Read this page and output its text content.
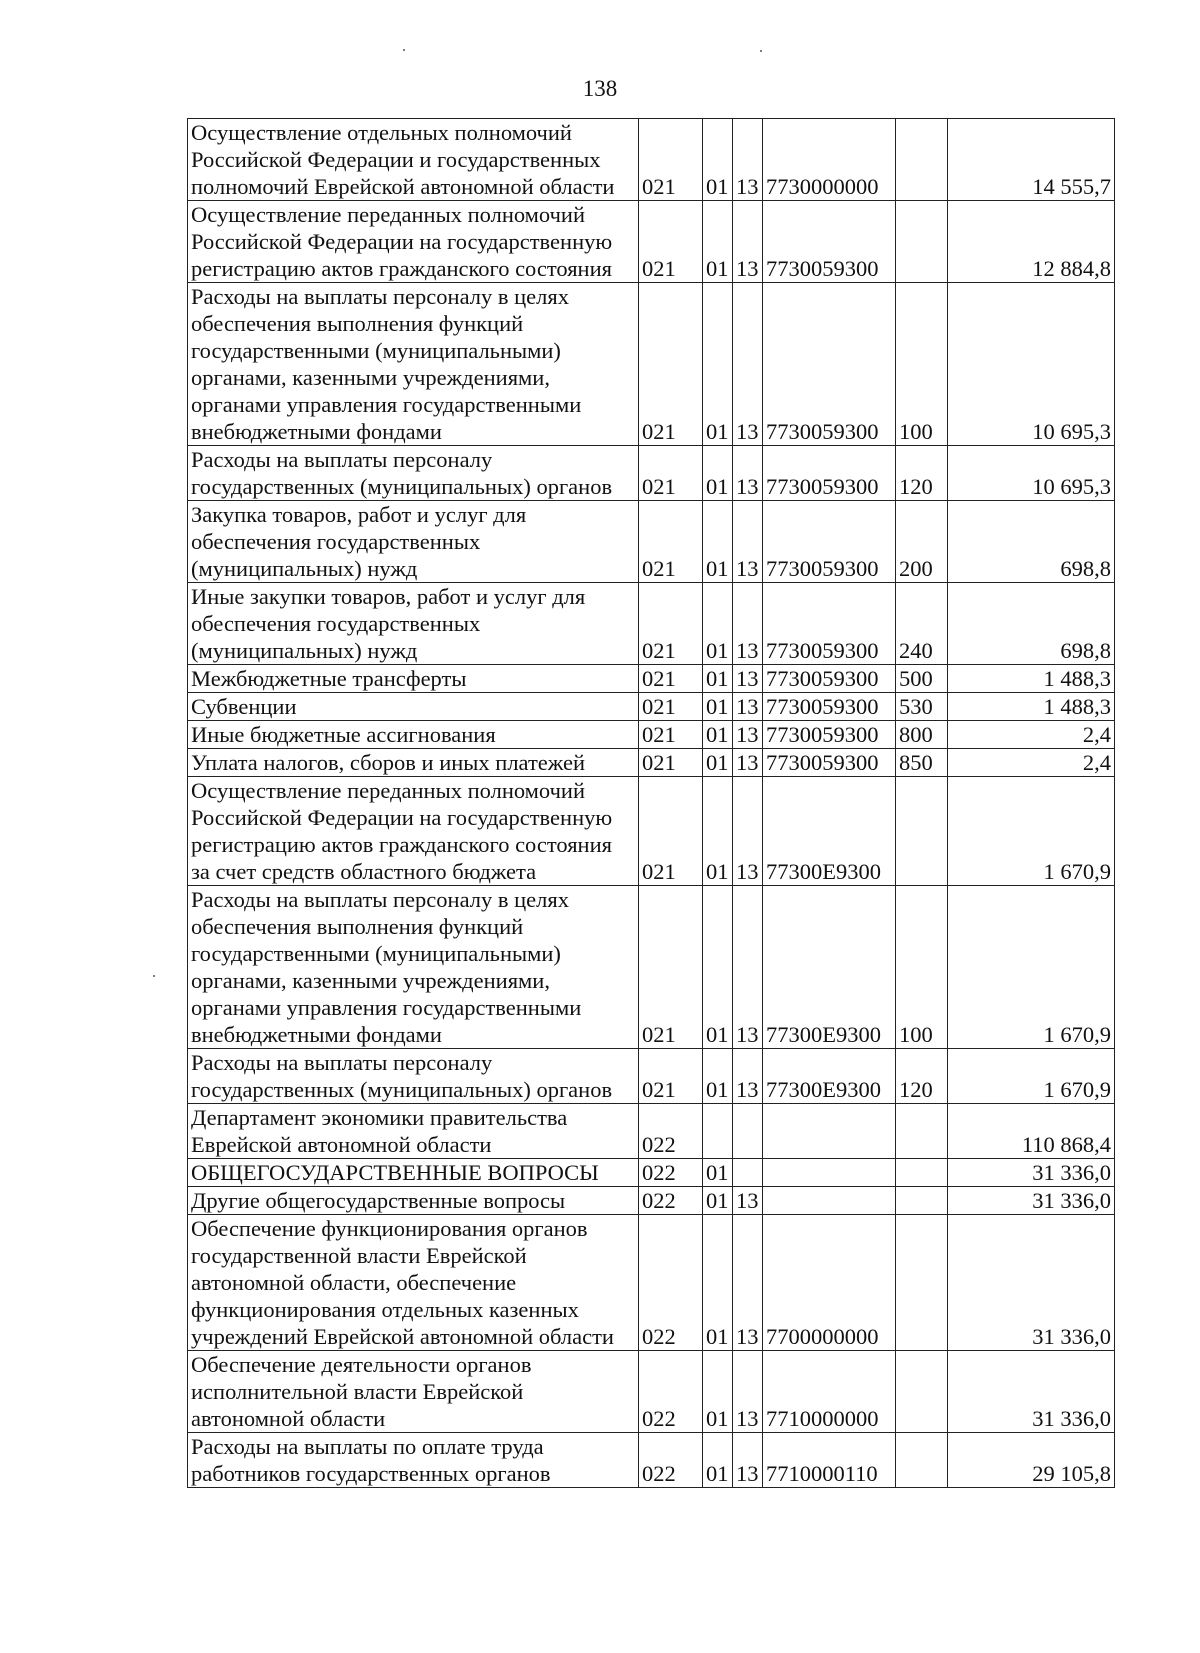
138
Осуществление отдельных полномочий Российской Федерации и государственных полномочий Еврейской автономной области	021	01	13	7730000000		14 555,7
Осуществление переданных полномочий Российской Федерации на государственную регистрацию актов гражданского состояния	021	01	13	7730059300		12 884,8
Расходы на выплаты персоналу в целях обеспечения выполнения функций государственными (муниципальными) органами, казенными учреждениями, органами управления государственными внебюджетными фондами	021	01	13	7730059300	100	10 695,3
Расходы на выплаты персоналу государственных (муниципальных) органов	021	01	13	7730059300	120	10 695,3
Закупка товаров, работ и услуг для обеспечения государственных (муниципальных) нужд	021	01	13	7730059300	200	698,8
Иные закупки товаров, работ и услуг для обеспечения государственных (муниципальных) нужд	021	01	13	7730059300	240	698,8
Межбюджетные трансферты	021	01	13	7730059300	500	1 488,3
Субвенции	021	01	13	7730059300	530	1 488,3
Иные бюджетные ассигнования	021	01	13	7730059300	800	2,4
Уплата налогов, сборов и иных платежей	021	01	13	7730059300	850	2,4
Осуществление переданных полномочий Российской Федерации на государственную регистрацию актов гражданского состояния за счет средств областного бюджета	021	01	13	77300Е9300		1 670,9
Расходы на выплаты персоналу в целях обеспечения выполнения функций государственными (муниципальными) органами, казенными учреждениями, органами управления государственными внебюджетными фондами	021	01	13	77300Е9300	100	1 670,9
Расходы на выплаты персоналу государственных (муниципальных) органов	021	01	13	77300Е9300	120	1 670,9
Департамент экономики правительства Еврейской автономной области	022					110 868,4
ОБЩЕГОСУДАРСТВЕННЫЕ ВОПРОСЫ	022	01				31 336,0
Другие общегосударственные вопросы	022	01	13			31 336,0
Обеспечение функционирования органов государственной власти Еврейской автономной области, обеспечение функционирования отдельных казенных учреждений Еврейской автономной области	022	01	13	7700000000		31 336,0
Обеспечение деятельности органов исполнительной власти Еврейской автономной области	022	01	13	7710000000		31 336,0
Расходы на выплаты по оплате труда работников государственных органов	022	01	13	7710000110		29 105,8
